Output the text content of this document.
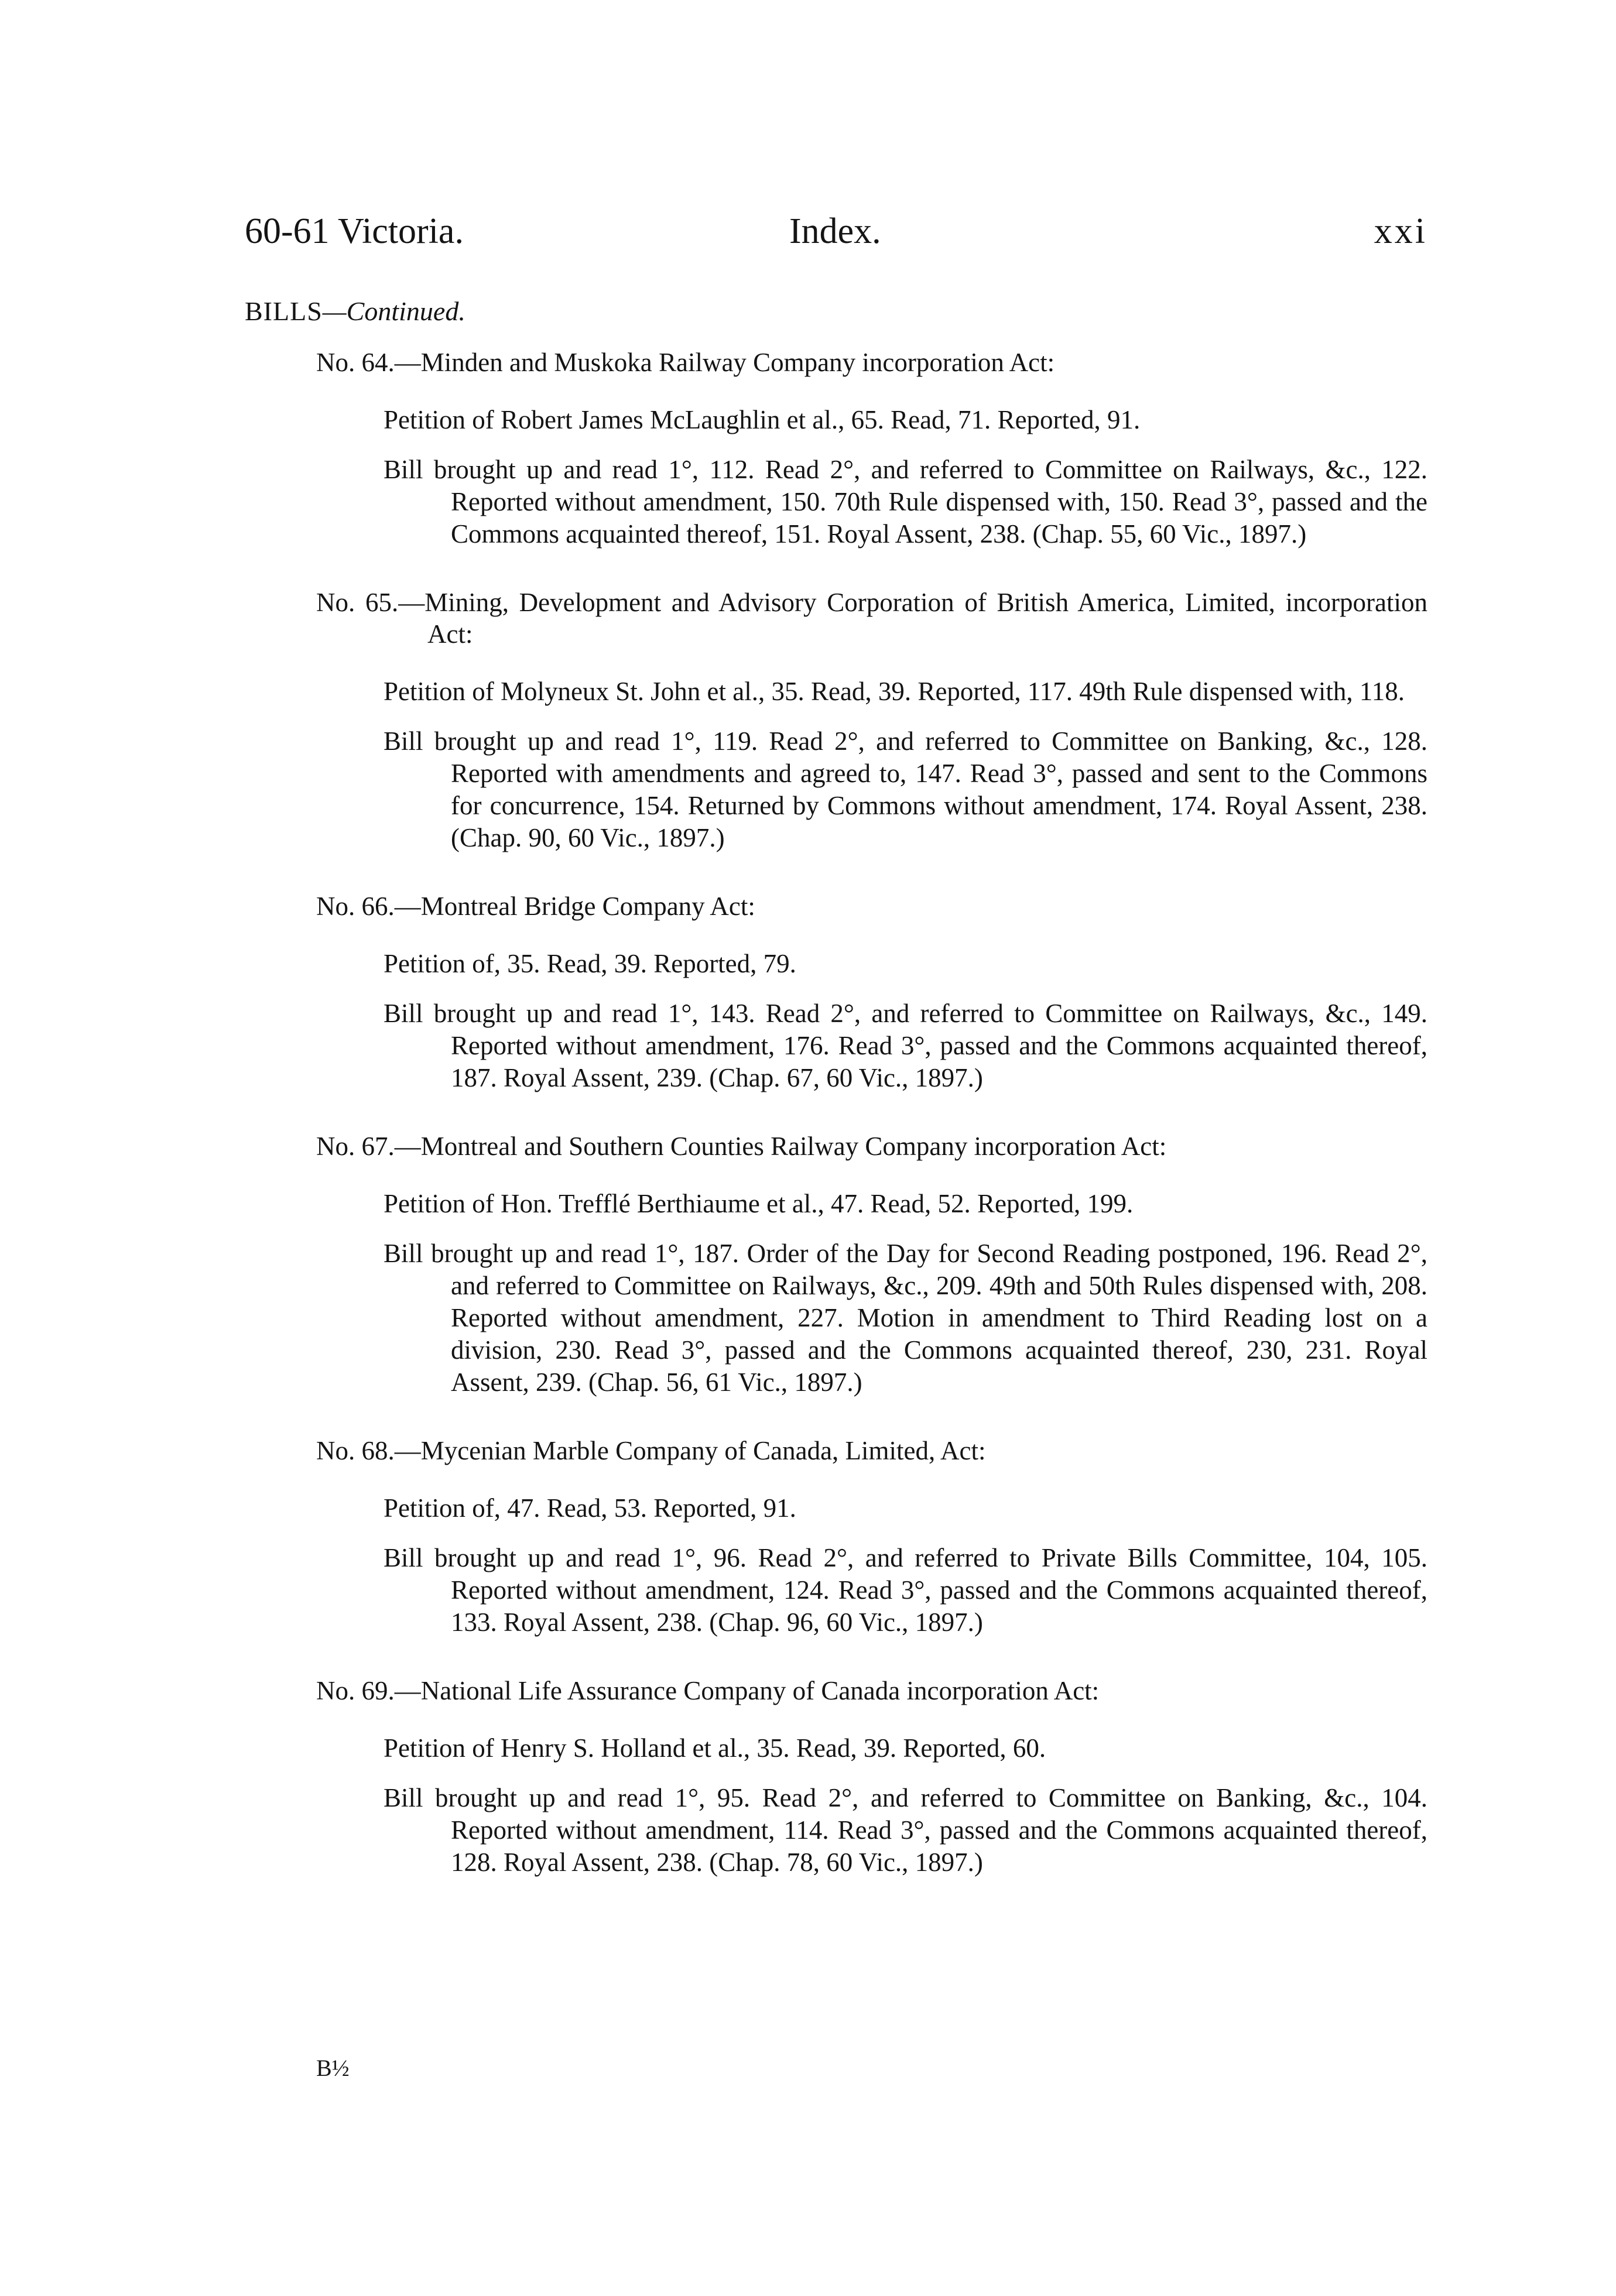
60-61 Victoria.	Index.	xxi
BILLS—Continued.
No. 64.—Minden and Muskoka Railway Company incorporation Act:
Petition of Robert James McLaughlin et al., 65. Read, 71. Reported, 91.
Bill brought up and read 1°, 112. Read 2°, and referred to Committee on Railways, &c., 122. Reported without amendment, 150. 70th Rule dispensed with, 150. Read 3°, passed and the Commons acquainted thereof, 151. Royal Assent, 238. (Chap. 55, 60 Vic., 1897.)
No. 65.—Mining, Development and Advisory Corporation of British America, Limited, incorporation Act:
Petition of Molyneux St. John et al., 35. Read, 39. Reported, 117. 49th Rule dispensed with, 118.
Bill brought up and read 1°, 119. Read 2°, and referred to Committee on Banking, &c., 128. Reported with amendments and agreed to, 147. Read 3°, passed and sent to the Commons for concurrence, 154. Returned by Commons without amendment, 174. Royal Assent, 238. (Chap. 90, 60 Vic., 1897.)
No. 66.—Montreal Bridge Company Act:
Petition of, 35. Read, 39. Reported, 79.
Bill brought up and read 1°, 143. Read 2°, and referred to Committee on Railways, &c., 149. Reported without amendment, 176. Read 3°, passed and the Commons acquainted thereof, 187. Royal Assent, 239. (Chap. 67, 60 Vic., 1897.)
No. 67.—Montreal and Southern Counties Railway Company incorporation Act:
Petition of Hon. Trefflé Berthiaume et al., 47. Read, 52. Reported, 199.
Bill brought up and read 1°, 187. Order of the Day for Second Reading postponed, 196. Read 2°, and referred to Committee on Railways, &c., 209. 49th and 50th Rules dispensed with, 208. Reported without amendment, 227. Motion in amendment to Third Reading lost on a division, 230. Read 3°, passed and the Commons acquainted thereof, 230, 231. Royal Assent, 239. (Chap. 56, 61 Vic., 1897.)
No. 68.—Mycenian Marble Company of Canada, Limited, Act:
Petition of, 47. Read, 53. Reported, 91.
Bill brought up and read 1°, 96. Read 2°, and referred to Private Bills Committee, 104, 105. Reported without amendment, 124. Read 3°, passed and the Commons acquainted thereof, 133. Royal Assent, 238. (Chap. 96, 60 Vic., 1897.)
No. 69.—National Life Assurance Company of Canada incorporation Act:
Petition of Henry S. Holland et al., 35. Read, 39. Reported, 60.
Bill brought up and read 1°, 95. Read 2°, and referred to Committee on Banking, &c., 104. Reported without amendment, 114. Read 3°, passed and the Commons acquainted thereof, 128. Royal Assent, 238. (Chap. 78, 60 Vic., 1897.)
B½
